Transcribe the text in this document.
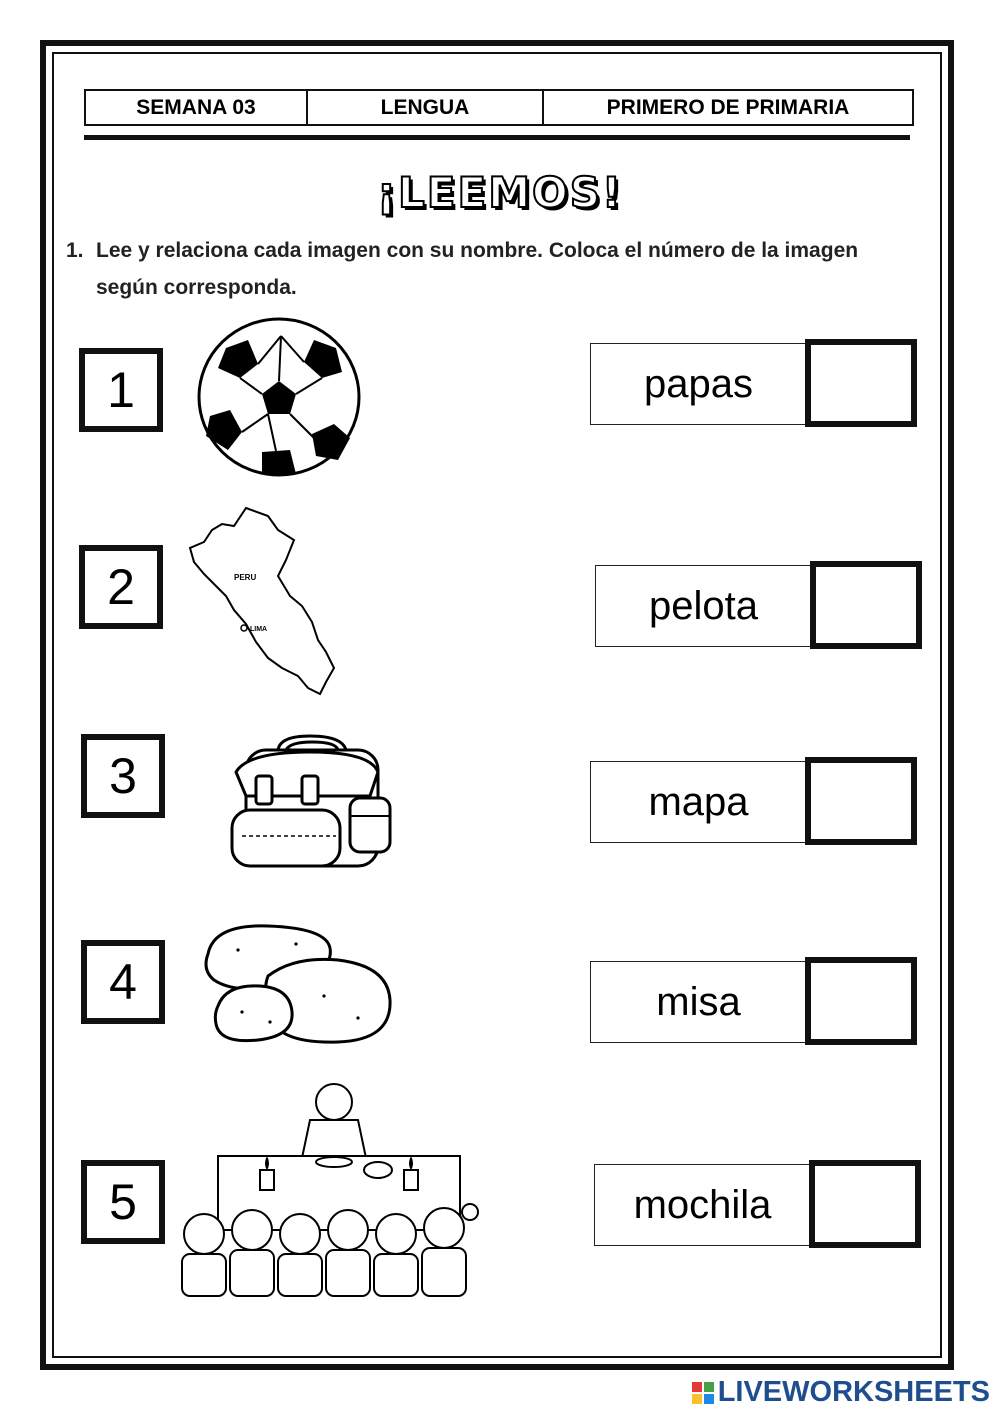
SEMANA 03	LENGUA	PRIMERO DE PRIMARIA
¡LEEMOS!
1. Lee y relaciona cada imagen con su nombre. Coloca el número de la imagen según corresponda.
1
2
3
4
5
PERU
LIMA
papas
pelota
mapa
misa
mochila
LIVEWORKSHEETS
